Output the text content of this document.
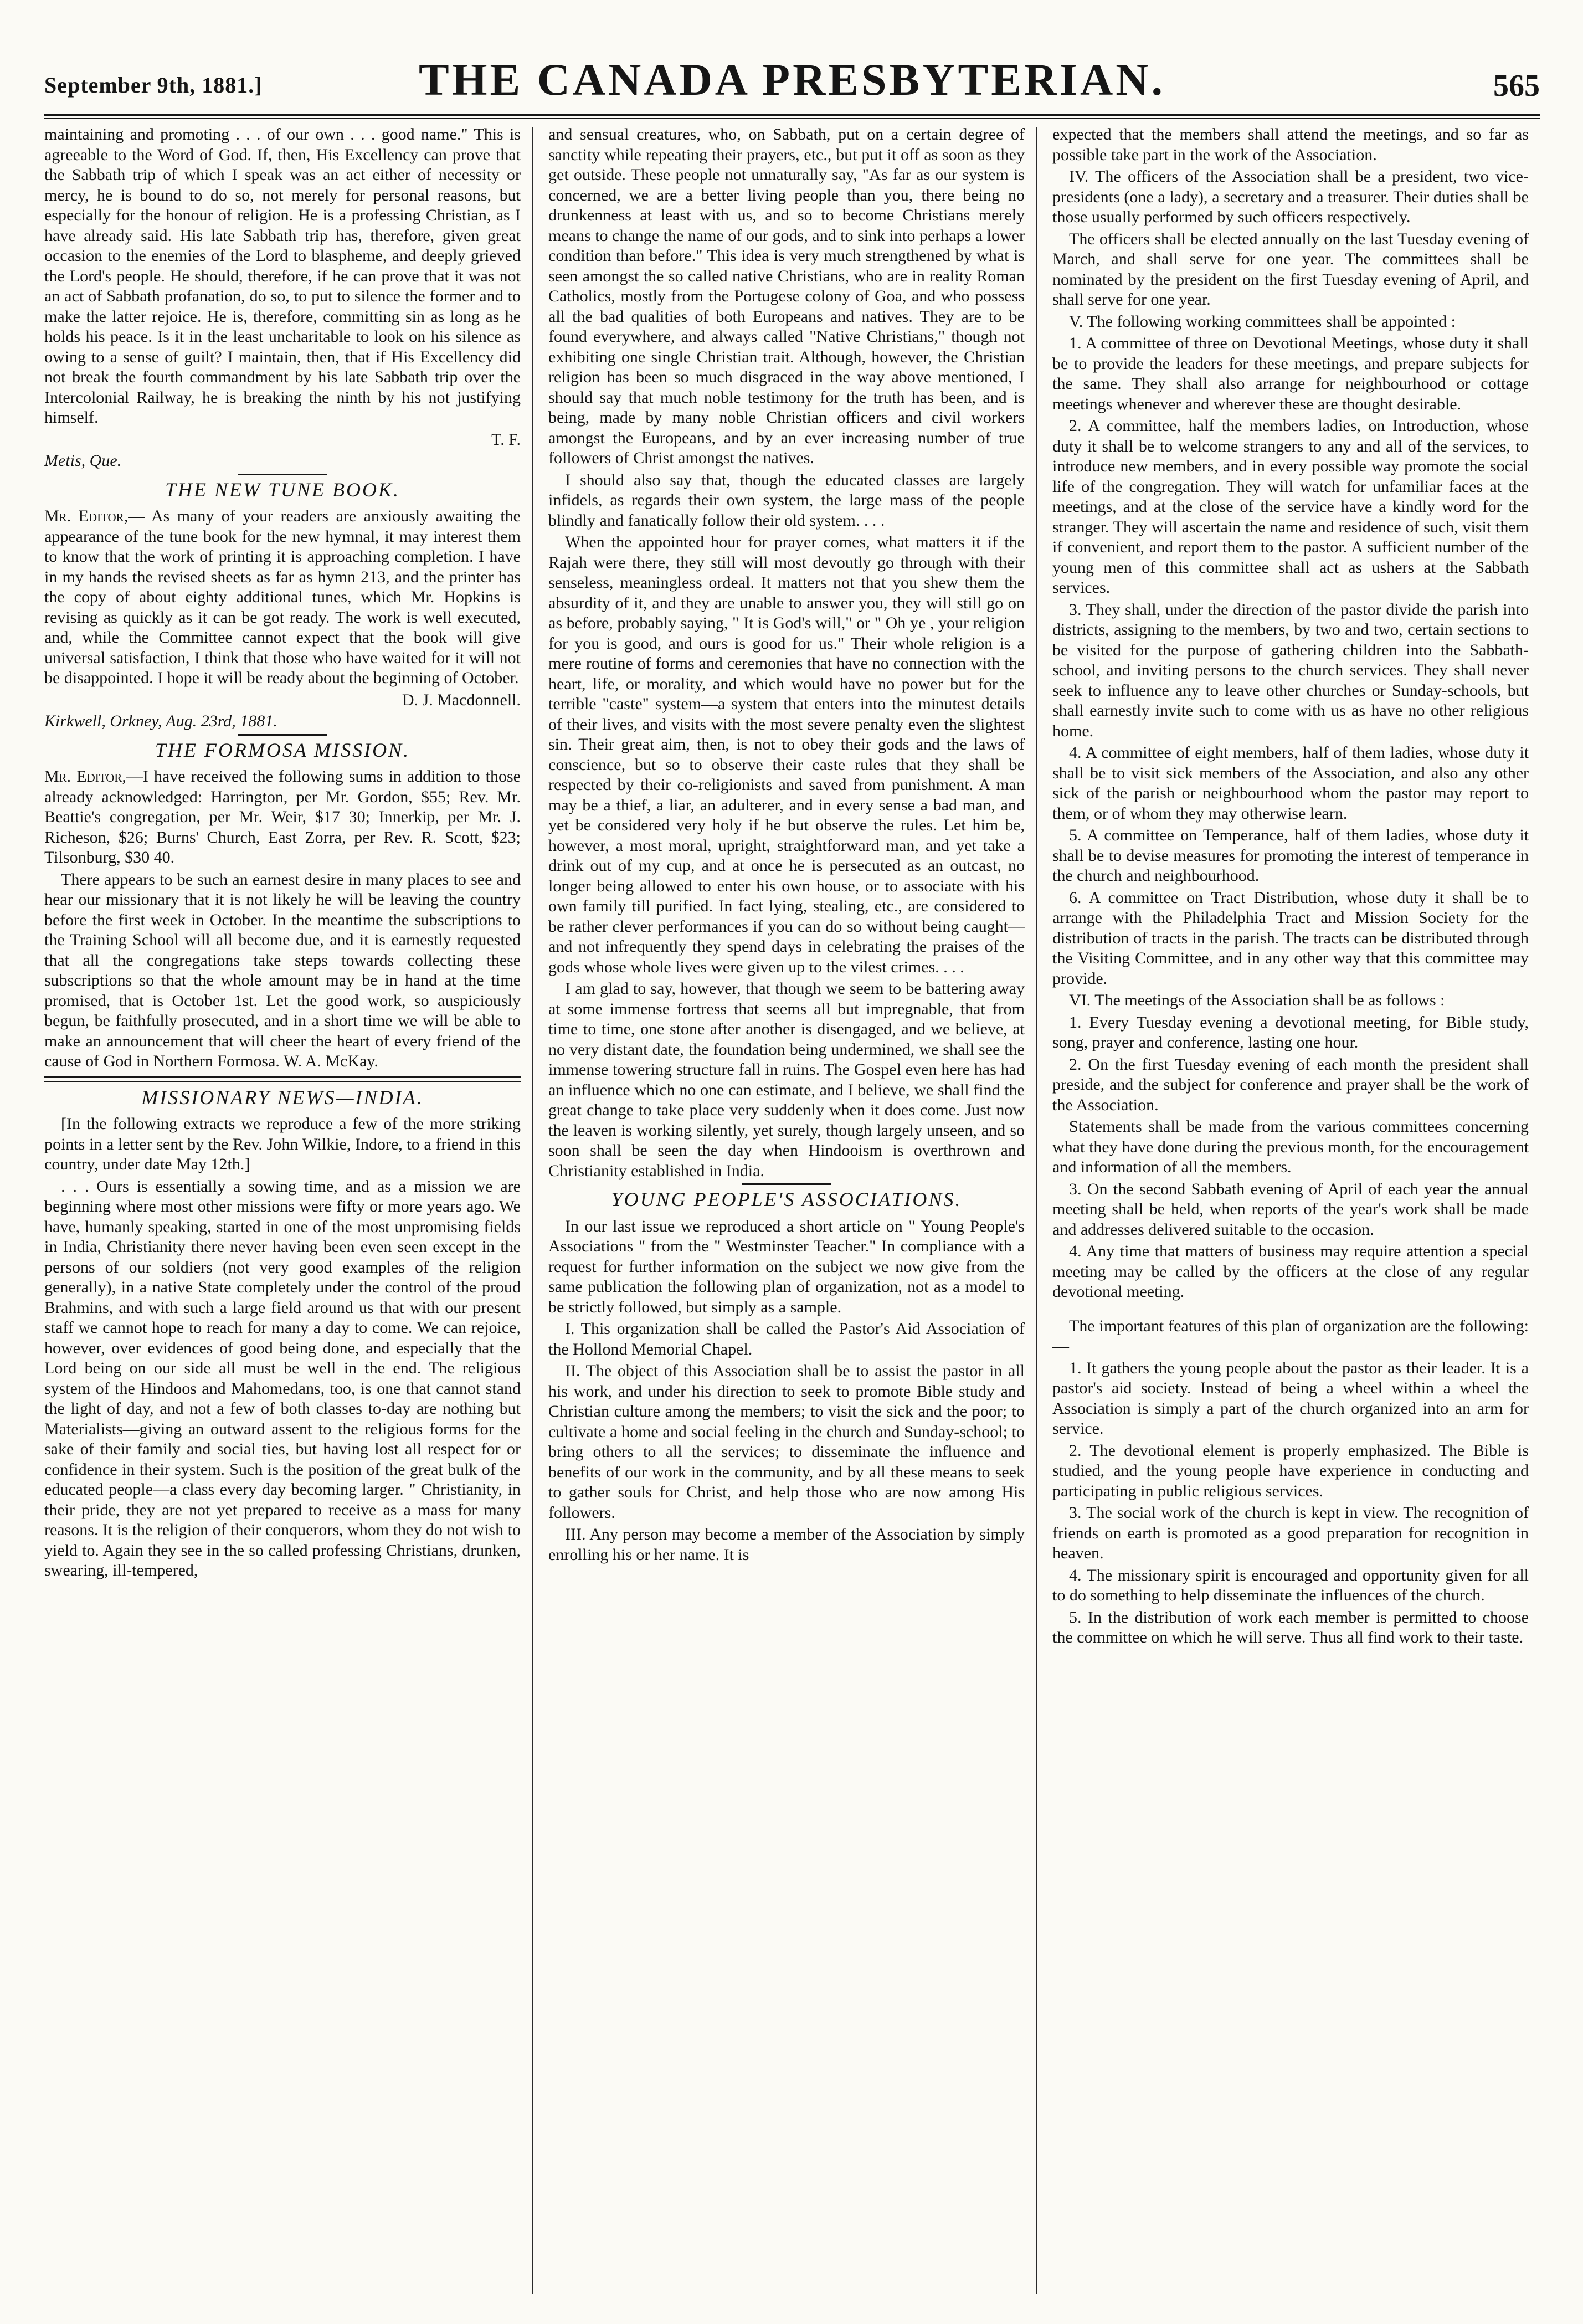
September 9th, 1881.]	THE CANADA PRESBYTERIAN.	565

maintaining and promoting . . . of our own . . . good name." This is agreeable to the Word of God. If, then, His Excellency can prove that the Sabbath trip of which I speak was an act either of necessity or mercy, he is bound to do so, not merely for personal reasons, but especially for the honour of religion. He is a professing Christian, as I have already said. His late Sabbath trip has, therefore, given great occasion to the enemies of the Lord to blaspheme, and deeply grieved the Lord's people. He should, therefore, if he can prove that it was not an act of Sabbath profanation, do so, to put to silence the former and to make the latter rejoice. He is, therefore, committing sin as long as he holds his peace. Is it in the least uncharitable to look on his silence as owing to a sense of guilt? I maintain, then, that if His Excellency did not break the fourth commandment by his late Sabbath trip over the Intercolonial Railway, he is breaking the ninth by his not justifying himself.

T. F.
Metis, Que.
THE NEW TUNE BOOK.

Mr. Editor,— As many of your readers are anxiously awaiting the appearance of the tune book for the new hymnal, it may interest them to know that the work of printing it is approaching completion. I have in my hands the revised sheets as far as hymn 213, and the printer has the copy of about eighty additional tunes, which Mr. Hopkins is revising as quickly as it can be got ready. The work is well executed, and, while the Committee cannot expect that the book will give universal satisfaction, I think that those who have waited for it will not be disappointed. I hope it will be ready about the beginning of October.

D. J. Macdonnell.
Kirkwell, Orkney, Aug. 23rd, 1881.
THE FORMOSA MISSION.

Mr. Editor,—I have received the following sums in addition to those already acknowledged: Harrington, per Mr. Gordon, $55; Rev. Mr. Beattie's congregation, per Mr. Weir, $17 30; Innerkip, per Mr. J. Richeson, $26; Burns' Church, East Zorra, per Rev. R. Scott, $23; Tilsonburg, $30 40.

There appears to be such an earnest desire in many places to see and hear our missionary that it is not likely he will be leaving the country before the first week in October. In the meantime the subscriptions to the Training School will all become due, and it is earnestly requested that all the congregations take steps towards collecting these subscriptions so that the whole amount may be in hand at the time promised, that is October 1st. Let the good work, so auspiciously begun, be faithfully prosecuted, and in a short time we will be able to make an announcement that will cheer the heart of every friend of the cause of God in Northern Formosa. W. A. McKay.

MISSIONARY NEWS—INDIA.

[In the following extracts we reproduce a few of the more striking points in a letter sent by the Rev. John Wilkie, Indore, to a friend in this country, under date May 12th.]

. . . Ours is essentially a sowing time, and as a mission we are beginning where most other missions were fifty or more years ago. We have, humanly speaking, started in one of the most unpromising fields in India, Christianity there never having been even seen except in the persons of our soldiers (not very good examples of the religion generally), in a native State completely under the control of the proud Brahmins, and with such a large field around us that with our present staff we cannot hope to reach for many a day to come. We can rejoice, however, over evidences of good being done, and especially that the Lord being on our side all must be well in the end. The religious system of the Hindoos and Mahomedans, too, is one that cannot stand the light of day, and not a few of both classes to-day are nothing but Materialists—giving an outward assent to the religious forms for the sake of their family and social ties, but having lost all respect for or confidence in their system. Such is the position of the great bulk of the educated people—a class every day becoming larger. " Christianity, in their pride, they are not yet prepared to receive as a mass for many reasons. It is the religion of their conquerors, whom they do not wish to yield to. Again they see in the so called professing Christians, drunken, swearing, ill-tempered,

and sensual creatures, who, on Sabbath, put on a certain degree of sanctity while repeating their prayers, etc., but put it off as soon as they get outside. These people not unnaturally say, "As far as our system is concerned, we are a better living people than you, there being no drunkenness at least with us, and so to become Christians merely means to change the name of our gods, and to sink into perhaps a lower condition than before." This idea is very much strengthened by what is seen amongst the so called native Christians, who are in reality Roman Catholics, mostly from the Portugese colony of Goa, and who possess all the bad qualities of both Europeans and natives. They are to be found everywhere, and always called "Native Christians," though not exhibiting one single Christian trait. Although, however, the Christian religion has been so much disgraced in the way above mentioned, I should say that much noble testimony for the truth has been, and is being, made by many noble Christian officers and civil workers amongst the Europeans, and by an ever increasing number of true followers of Christ amongst the natives.

I should also say that, though the educated classes are largely infidels, as regards their own system, the large mass of the people blindly and fanatically follow their old system. . . .

When the appointed hour for prayer comes, what matters it if the Rajah were there, they still will most devoutly go through with their senseless, meaningless ordeal. It matters not that you shew them the absurdity of it, and they are unable to answer you, they will still go on as before, probably saying, " It is God's will," or " Oh ye , your religion for you is good, and ours is good for us." Their whole religion is a mere routine of forms and ceremonies that have no connection with the heart, life, or morality, and which would have no power but for the terrible "caste" system—a system that enters into the minutest details of their lives, and visits with the most severe penalty even the slightest sin. Their great aim, then, is not to obey their gods and the laws of conscience, but so to observe their caste rules that they shall be respected by their co-religionists and saved from punishment. A man may be a thief, a liar, an adulterer, and in every sense a bad man, and yet be considered very holy if he but observe the rules. Let him be, however, a most moral, upright, straightforward man, and yet take a drink out of my cup, and at once he is persecuted as an outcast, no longer being allowed to enter his own house, or to associate with his own family till purified. In fact lying, stealing, etc., are considered to be rather clever performances if you can do so without being caught—and not infrequently they spend days in celebrating the praises of the gods whose whole lives were given up to the vilest crimes. . . .

I am glad to say, however, that though we seem to be battering away at some immense fortress that seems all but impregnable, that from time to time, one stone after another is disengaged, and we believe, at no very distant date, the foundation being undermined, we shall see the immense towering structure fall in ruins. The Gospel even here has had an influence which no one can estimate, and I believe, we shall find the great change to take place very suddenly when it does come. Just now the leaven is working silently, yet surely, though largely unseen, and so soon shall be seen the day when Hindooism is overthrown and Christianity established in India.

YOUNG PEOPLE'S ASSOCIATIONS.

In our last issue we reproduced a short article on " Young People's Associations " from the " Westminster Teacher." In compliance with a request for further information on the subject we now give from the same publication the following plan of organization, not as a model to be strictly followed, but simply as a sample.

I. This organization shall be called the Pastor's Aid Association of the Hollond Memorial Chapel.

II. The object of this Association shall be to assist the pastor in all his work, and under his direction to seek to promote Bible study and Christian culture among the members; to visit the sick and the poor; to cultivate a home and social feeling in the church and Sunday-school; to bring others to all the services; to disseminate the influence and benefits of our work in the community, and by all these means to seek to gather souls for Christ, and help those who are now among His followers.

III. Any person may become a member of the Association by simply enrolling his or her name. It is

expected that the members shall attend the meetings, and so far as possible take part in the work of the Association.

IV. The officers of the Association shall be a president, two vice-presidents (one a lady), a secretary and a treasurer. Their duties shall be those usually performed by such officers respectively.

The officers shall be elected annually on the last Tuesday evening of March, and shall serve for one year. The committees shall be nominated by the president on the first Tuesday evening of April, and shall serve for one year.

V. The following working committees shall be appointed :

1. A committee of three on Devotional Meetings, whose duty it shall be to provide the leaders for these meetings, and prepare subjects for the same. They shall also arrange for neighbourhood or cottage meetings whenever and wherever these are thought desirable.

2. A committee, half the members ladies, on Introduction, whose duty it shall be to welcome strangers to any and all of the services, to introduce new members, and in every possible way promote the social life of the congregation. They will watch for unfamiliar faces at the meetings, and at the close of the service have a kindly word for the stranger. They will ascertain the name and residence of such, visit them if convenient, and report them to the pastor. A sufficient number of the young men of this committee shall act as ushers at the Sabbath services.

3. They shall, under the direction of the pastor divide the parish into districts, assigning to the members, by two and two, certain sections to be visited for the purpose of gathering children into the Sabbath-school, and inviting persons to the church services. They shall never seek to influence any to leave other churches or Sunday-schools, but shall earnestly invite such to come with us as have no other religious home.

4. A committee of eight members, half of them ladies, whose duty it shall be to visit sick members of the Association, and also any other sick of the parish or neighbourhood whom the pastor may report to them, or of whom they may otherwise learn.

5. A committee on Temperance, half of them ladies, whose duty it shall be to devise measures for promoting the interest of temperance in the church and neighbourhood.

6. A committee on Tract Distribution, whose duty it shall be to arrange with the Philadelphia Tract and Mission Society for the distribution of tracts in the parish. The tracts can be distributed through the Visiting Committee, and in any other way that this committee may provide.

VI. The meetings of the Association shall be as follows :

1. Every Tuesday evening a devotional meeting, for Bible study, song, prayer and conference, lasting one hour.

2. On the first Tuesday evening of each month the president shall preside, and the subject for conference and prayer shall be the work of the Association.

Statements shall be made from the various committees concerning what they have done during the previous month, for the encouragement and information of all the members.

3. On the second Sabbath evening of April of each year the annual meeting shall be held, when reports of the year's work shall be made and addresses delivered suitable to the occasion.

4. Any time that matters of business may require attention a special meeting may be called by the officers at the close of any regular devotional meeting.

The important features of this plan of organization are the following:—

1. It gathers the young people about the pastor as their leader. It is a pastor's aid society. Instead of being a wheel within a wheel the Association is simply a part of the church organized into an arm for service.

2. The devotional element is properly emphasized. The Bible is studied, and the young people have experience in conducting and participating in public religious services.

3. The social work of the church is kept in view. The recognition of friends on earth is promoted as a good preparation for recognition in heaven.

4. The missionary spirit is encouraged and opportunity given for all to do something to help disseminate the influences of the church.

5. In the distribution of work each member is permitted to choose the committee on which he will serve. Thus all find work to their taste.
